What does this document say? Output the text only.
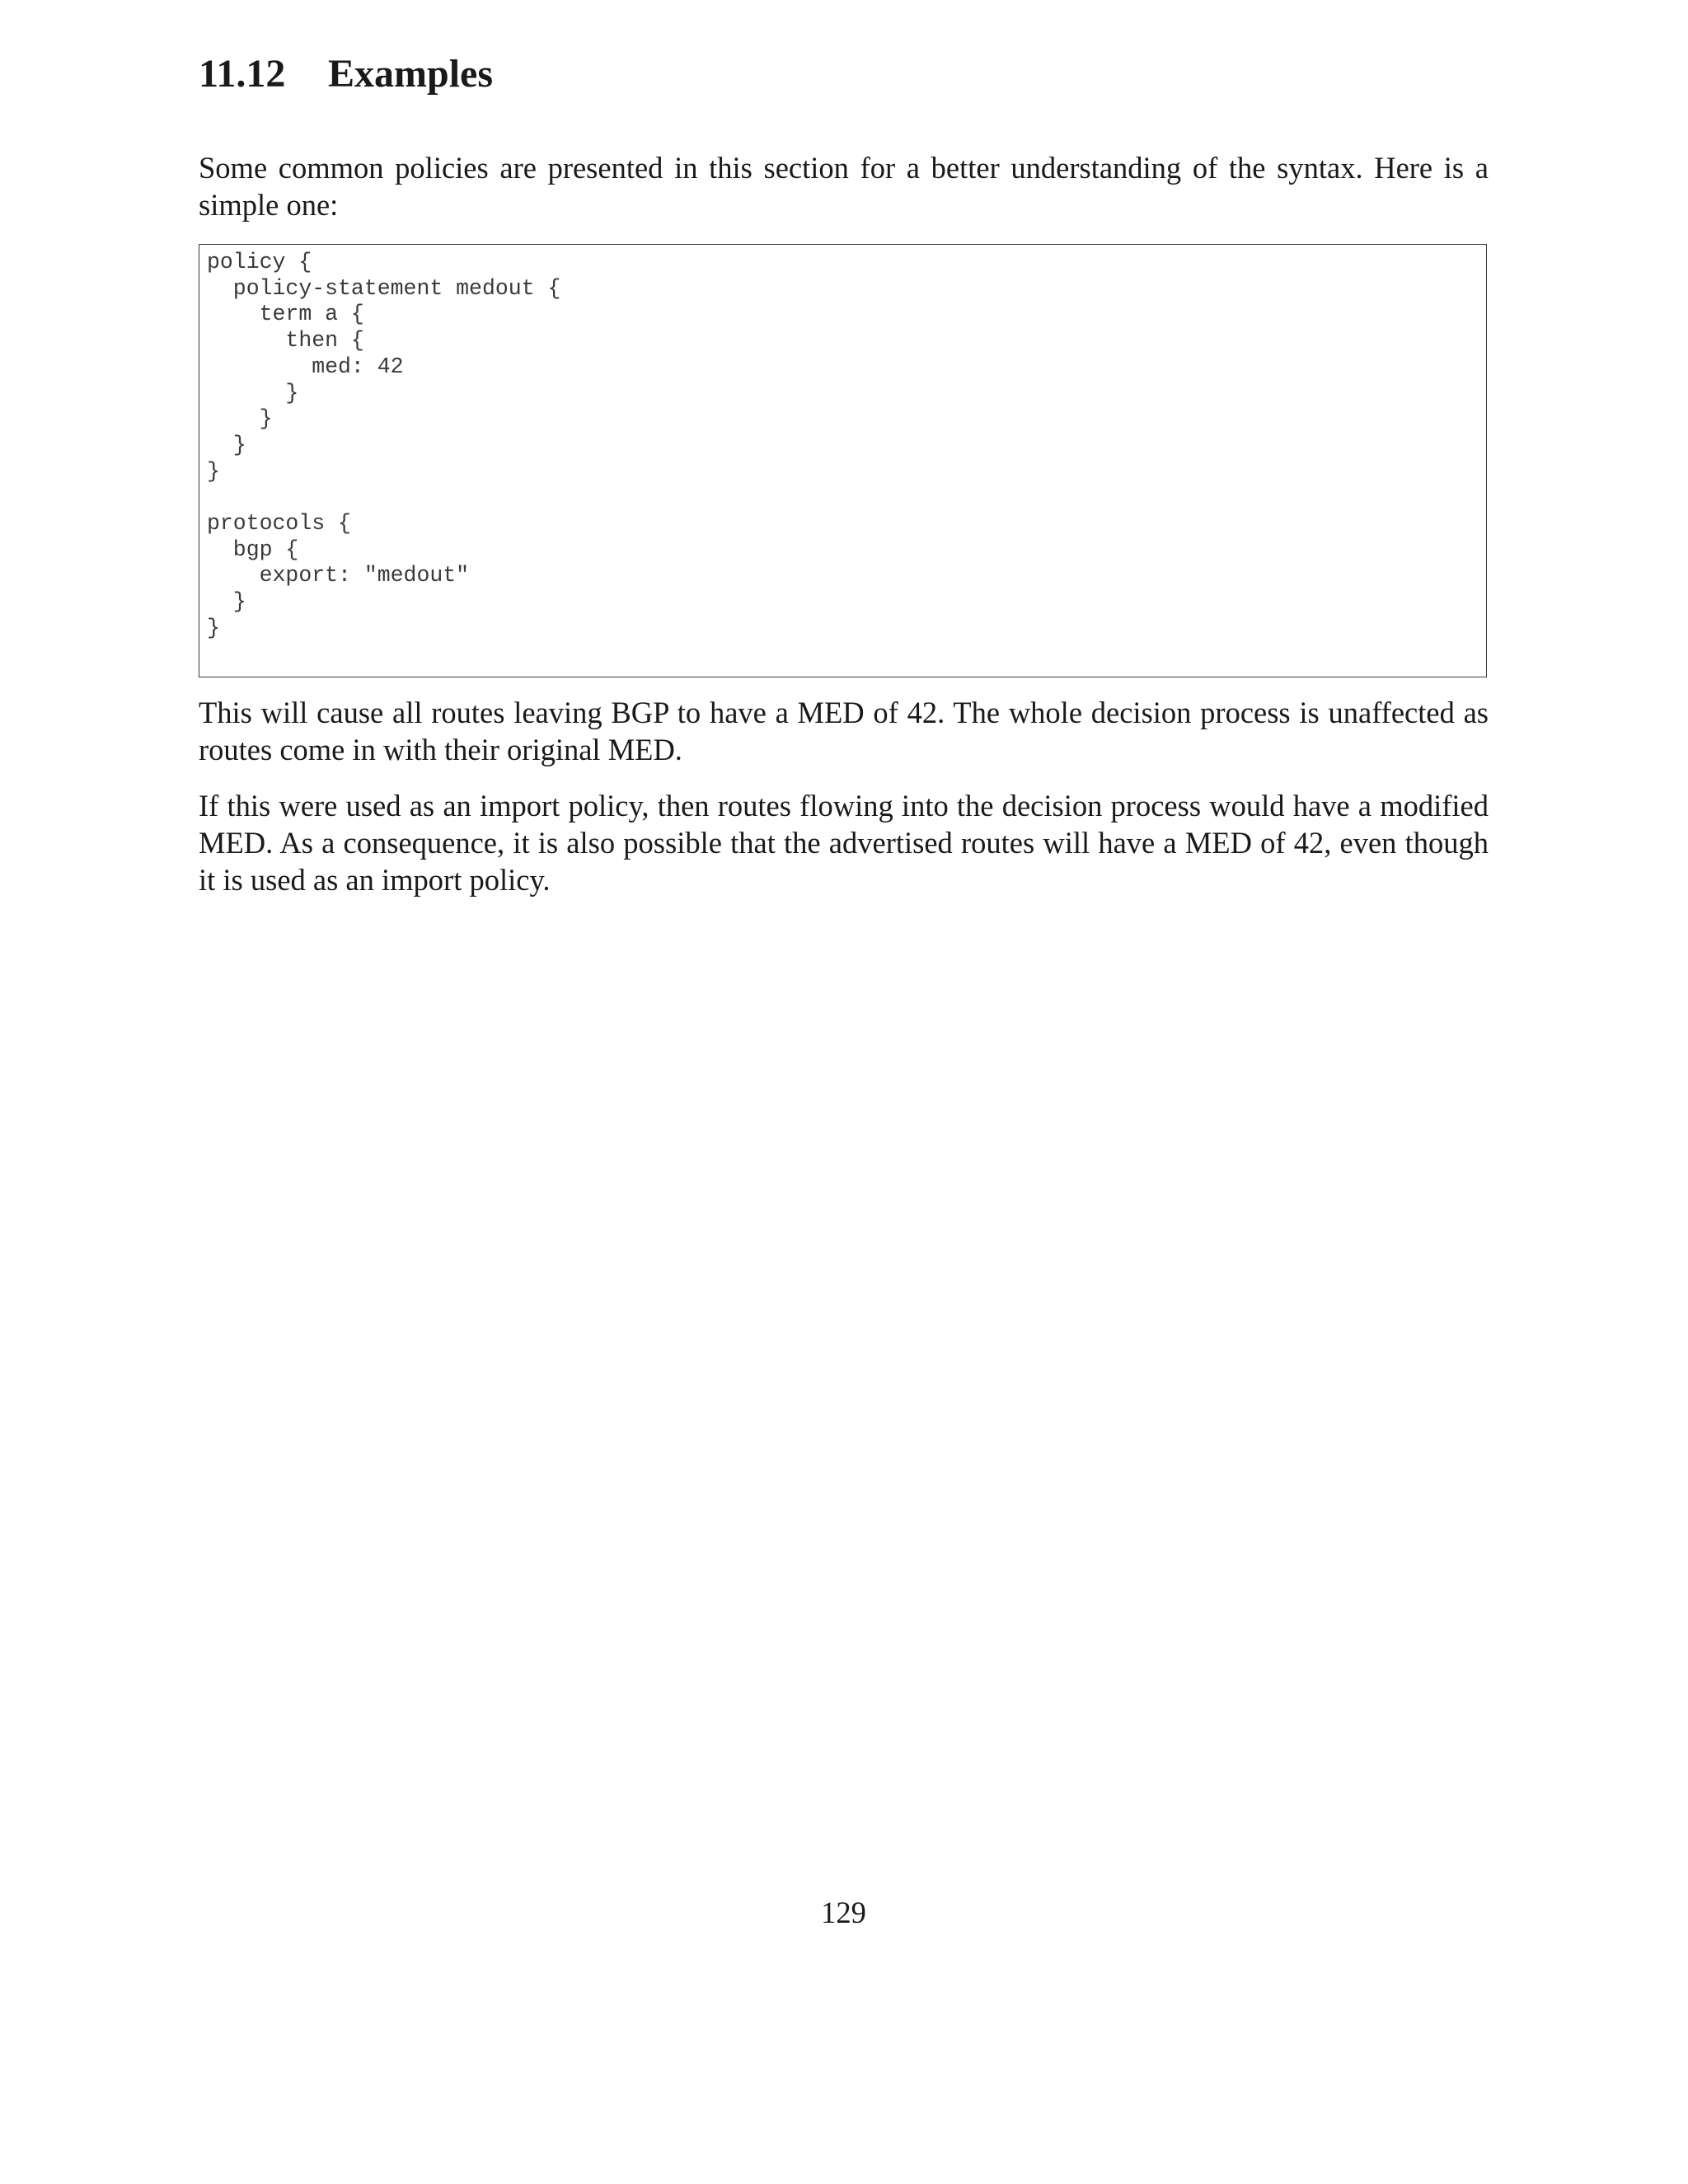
11.12 Examples

Some common policies are presented in this section for a better understanding of the syntax. Here is a simple one:

policy {
policy-statement medout {
term a {
then {
med: 42
}
}
}
}

protocols {
bgp {
export: "medout"
}
}

This will cause all routes leaving BGP to have a MED of 42. The whole decision process is unaffected as routes come in with their original MED.

If this were used as an import policy, then routes flowing into the decision process would have a modified MED. As a consequence, it is also possible that the advertised routes will have a MED of 42, even though it is used as an import policy.

129
